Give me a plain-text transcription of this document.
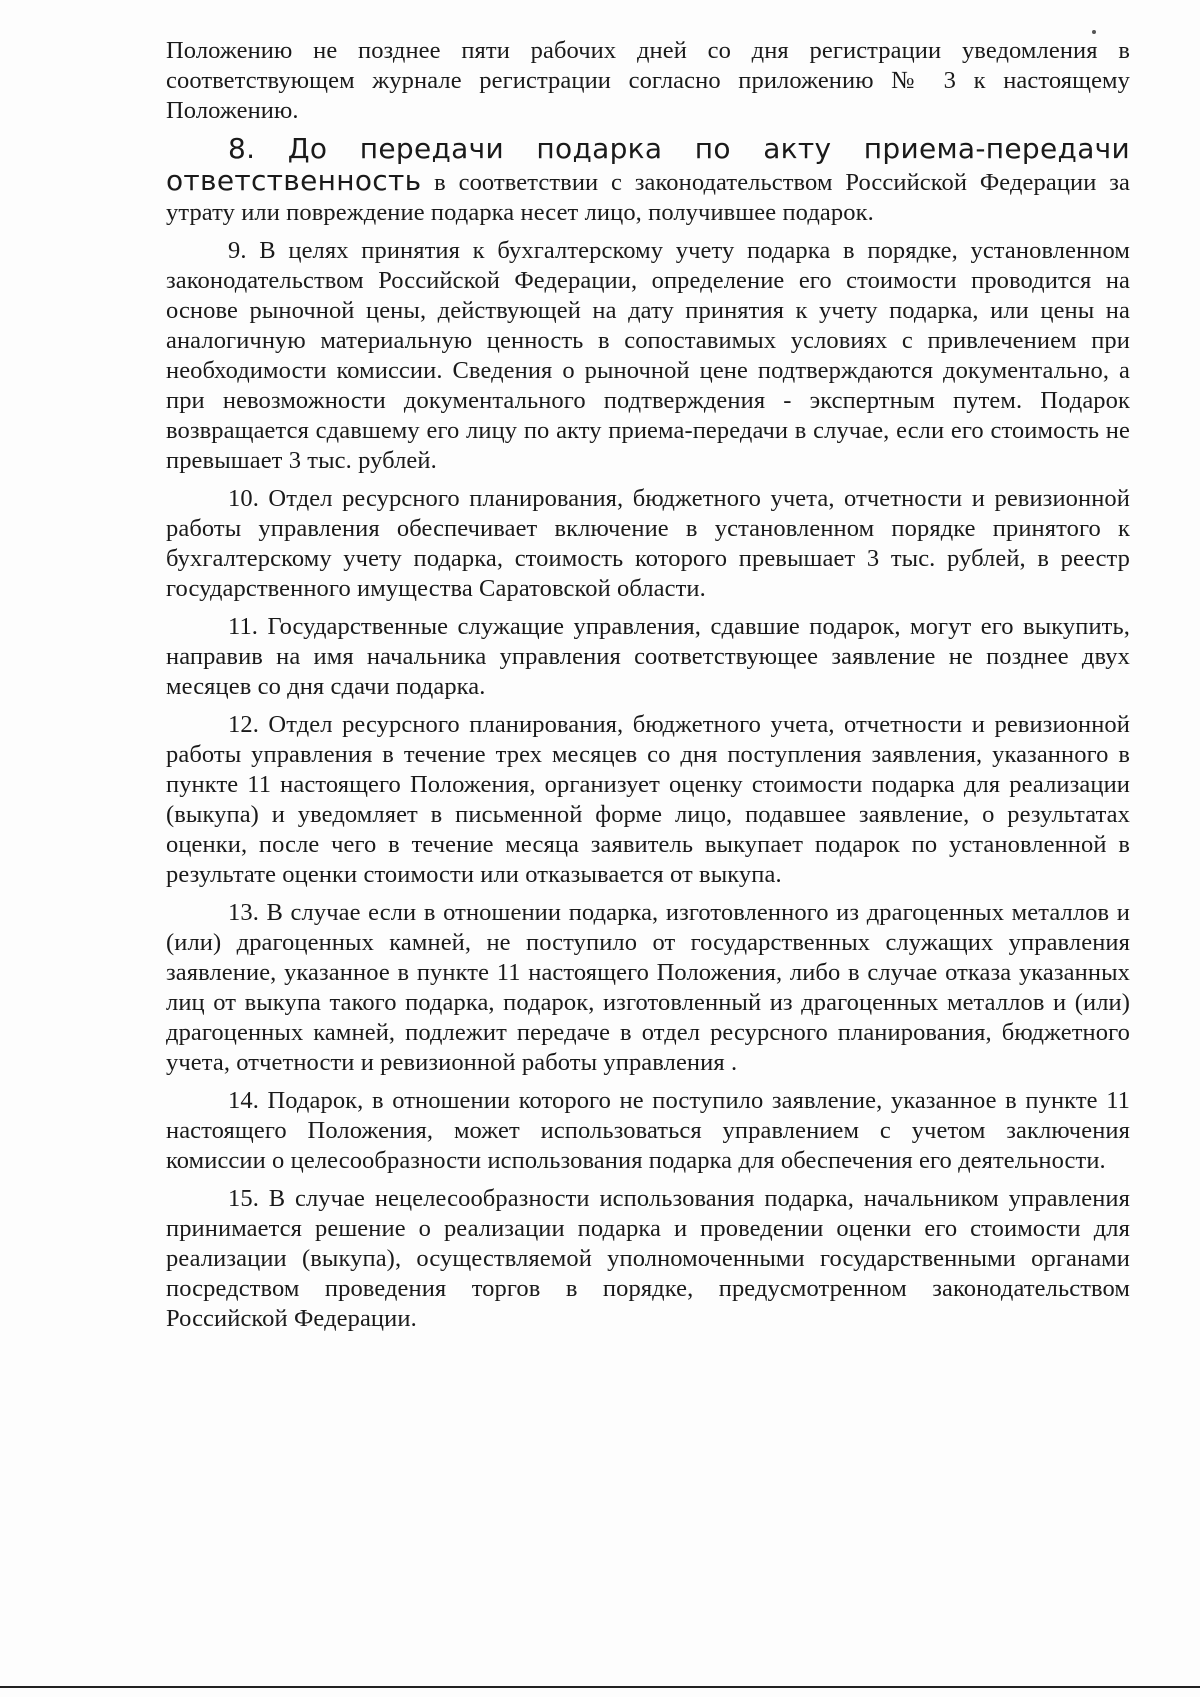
Положению не позднее пяти рабочих дней со дня регистрации уведомления в соответствующем журнале регистрации согласно приложению № 3 к настоящему Положению.

8. До передачи подарка по акту приема-передачи ответственность в соответствии с законодательством Российской Федерации за утрату или повреждение подарка несет лицо, получившее подарок.

9. В целях принятия к бухгалтерскому учету подарка в порядке, установленном законодательством Российской Федерации, определение его стоимости проводится на основе рыночной цены, действующей на дату принятия к учету подарка, или цены на аналогичную материальную ценность в сопоставимых условиях с привлечением при необходимости комиссии. Сведения о рыночной цене подтверждаются документально, а при невозможности документального подтверждения - экспертным путем. Подарок возвращается сдавшему его лицу по акту приема-передачи в случае, если его стоимость не превышает 3 тыс. рублей.

10. Отдел ресурсного планирования, бюджетного учета, отчетности и ревизионной работы управления обеспечивает включение в установленном порядке принятого к бухгалтерскому учету подарка, стоимость которого превышает 3 тыс. рублей, в реестр государственного имущества Саратовской области.

11. Государственные служащие управления, сдавшие подарок, могут его выкупить, направив на имя начальника управления соответствующее заявление не позднее двух месяцев со дня сдачи подарка.

12. Отдел ресурсного планирования, бюджетного учета, отчетности и ревизионной работы управления в течение трех месяцев со дня поступления заявления, указанного в пункте 11 настоящего Положения, организует оценку стоимости подарка для реализации (выкупа) и уведомляет в письменной форме лицо, подавшее заявление, о результатах оценки, после чего в течение месяца заявитель выкупает подарок по установленной в результате оценки стоимости или отказывается от выкупа.

13. В случае если в отношении подарка, изготовленного из драгоценных металлов и (или) драгоценных камней, не поступило от государственных служащих управления заявление, указанное в пункте 11 настоящего Положения, либо в случае отказа указанных лиц от выкупа такого подарка, подарок, изготовленный из драгоценных металлов и (или) драгоценных камней, подлежит передаче в отдел ресурсного планирования, бюджетного учета, отчетности и ревизионной работы управления .

14. Подарок, в отношении которого не поступило заявление, указанное в пункте 11 настоящего Положения, может использоваться управлением с учетом заключения комиссии о целесообразности использования подарка для обеспечения его деятельности.

15. В случае нецелесообразности использования подарка, начальником управления принимается решение о реализации подарка и проведении оценки его стоимости для реализации (выкупа), осуществляемой уполномоченными государственными органами посредством проведения торгов в порядке, предусмотренном законодательством Российской Федерации.
